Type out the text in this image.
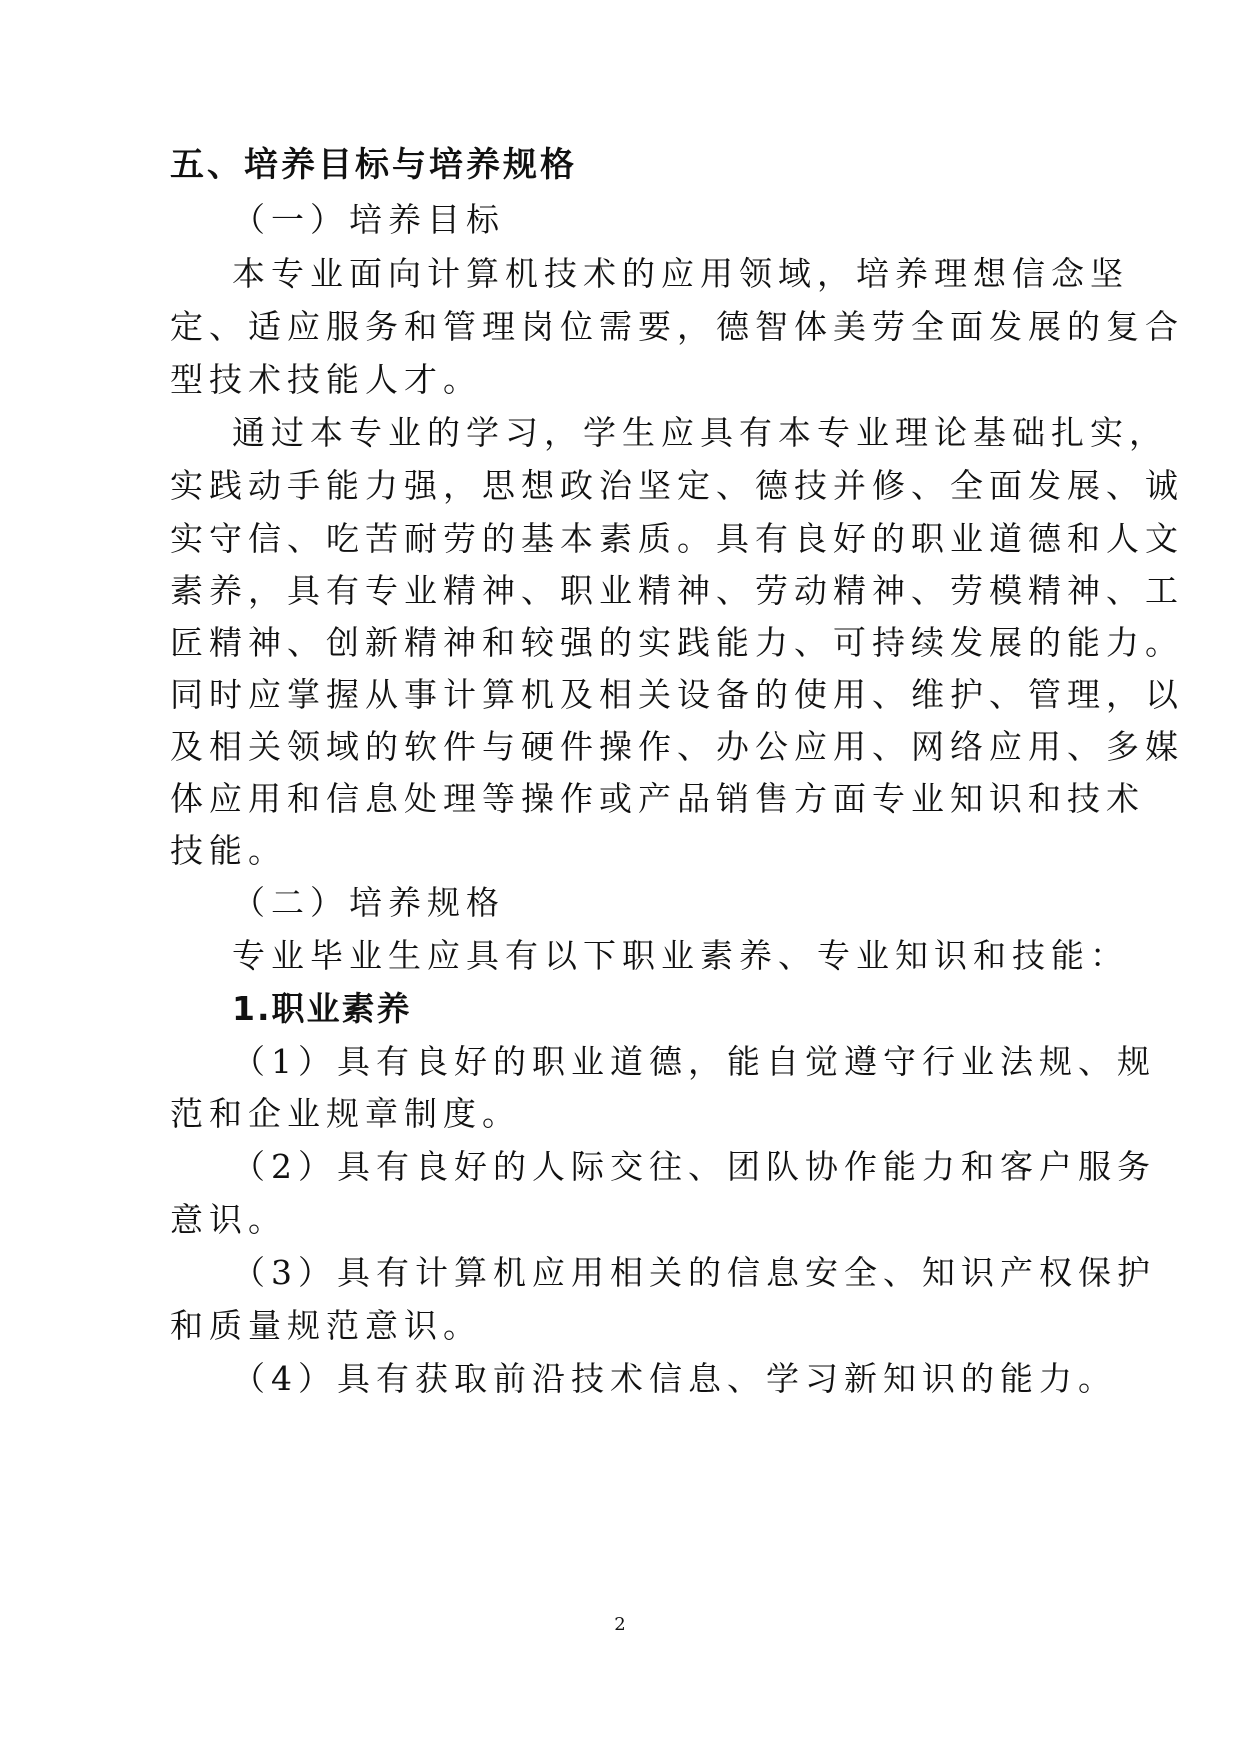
五、培养目标与培养规格

（一）培养目标

本专业面向计算机技术的应用领域，培养理想信念坚

定、适应服务和管理岗位需要，德智体美劳全面发展的复合

型技术技能人才。

通过本专业的学习，学生应具有本专业理论基础扎实，

实践动手能力强，思想政治坚定、德技并修、全面发展、诚

实守信、吃苦耐劳的基本素质。具有良好的职业道德和人文

素养，具有专业精神、职业精神、劳动精神、劳模精神、工

匠精神、创新精神和较强的实践能力、可持续发展的能力。

同时应掌握从事计算机及相关设备的使用、维护、管理，以

及相关领域的软件与硬件操作、办公应用、网络应用、多媒

体应用和信息处理等操作或产品销售方面专业知识和技术

技能。

（二）培养规格

专业毕业生应具有以下职业素养、专业知识和技能：

1.职业素养

（1）具有良好的职业道德，能自觉遵守行业法规、规

范和企业规章制度。

（2）具有良好的人际交往、团队协作能力和客户服务

意识。

（3）具有计算机应用相关的信息安全、知识产权保护

和质量规范意识。

（4）具有获取前沿技术信息、学习新知识的能力。

2
